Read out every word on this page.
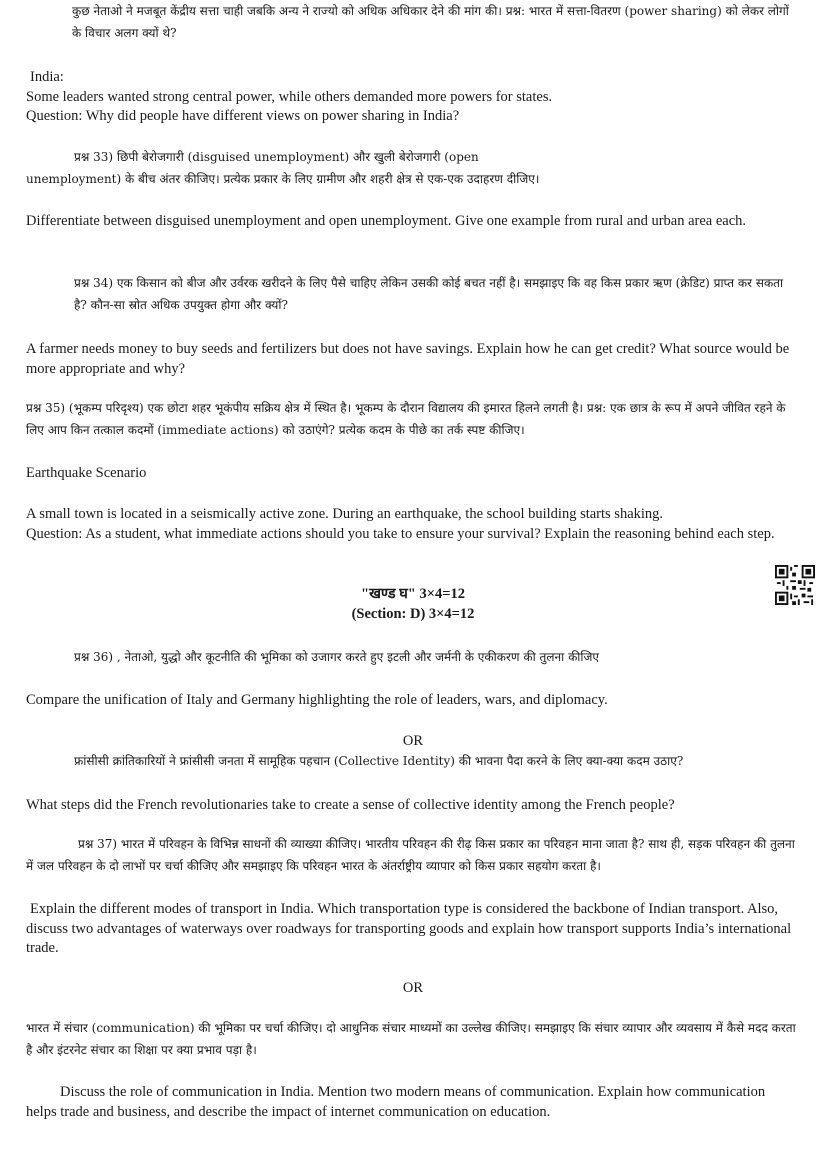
कुछ नेताओ ने मजबूत केंद्रीय सत्ता चाही जबकि अन्य ने राज्यो को अधिक अधिकार देने की मांग की। प्रश्न: भारत में सत्ता-वितरण (power sharing) को लेकर लोगों के विचार अलग क्यों थे?
India:
Some leaders wanted strong central power, while others demanded more powers for states.
Question: Why did people have different views on power sharing in India?
प्रश्न 33) छिपी बेरोजगारी (disguised unemployment) और खुली बेरोजगारी (open
unemployment) के बीच अंतर कीजिए। प्रत्येक प्रकार के लिए ग्रामीण और शहरी क्षेत्र से एक-एक उदाहरण दीजिए।
Differentiate between disguised unemployment and open unemployment. Give one example from rural and urban area each.
प्रश्न 34) एक किसान को बीज और उर्वरक खरीदने के लिए पैसे चाहिए लेकिन उसकी कोई बचत नहीं है। समझाइए कि वह किस प्रकार ऋण (क्रेडिट) प्राप्त कर सकता है? कौन-सा स्रोत अधिक उपयुक्त होगा और क्यों?
A farmer needs money to buy seeds and fertilizers but does not have savings. Explain how he can get credit? What source would be more appropriate and why?
प्रश्न 35) (भूकम्प परिदृश्य) एक छोटा शहर भूकंपीय सक्रिय क्षेत्र में स्थित है। भूकम्प के दौरान विद्यालय की इमारत हिलने लगती है। प्रश्न: एक छात्र के रूप में अपने जीवित रहने के लिए आप किन तत्काल कदमों (immediate actions) को उठाएंगे? प्रत्येक कदम के पीछे का तर्क स्पष्ट कीजिए।
Earthquake Scenario
A small town is located in a seismically active zone. During an earthquake, the school building starts shaking.
Question: As a student, what immediate actions should you take to ensure your survival? Explain the reasoning behind each step.
"खण्ड घ" 3×4=12
(Section: D) 3×4=12
प्रश्न 36) , नेताओ, युद्धो और कूटनीति की भूमिका को उजागर करते हुए इटली और जर्मनी के एकीकरण की तुलना कीजिए
Compare the unification of Italy and Germany highlighting the role of leaders, wars, and diplomacy.
OR
फ्रांसीसी क्रांतिकारियों ने फ्रांसीसी जनता में सामूहिक पहचान (Collective Identity) की भावना पैदा करने के लिए क्या-क्या कदम उठाए?
What steps did the French revolutionaries take to create a sense of collective identity among the French people?
प्रश्न 37) भारत में परिवहन के विभिन्न साधनों की व्याख्या कीजिए। भारतीय परिवहन की रीढ़ किस प्रकार का परिवहन माना जाता है? साथ ही, सड़क परिवहन की तुलना में जल परिवहन के दो लाभों पर चर्चा कीजिए और समझाइए कि परिवहन भारत के अंतर्राष्ट्रीय व्यापार को किस प्रकार सहयोग करता है।
Explain the different modes of transport in India. Which transportation type is considered the backbone of Indian transport. Also, discuss two advantages of waterways over roadways for transporting goods and explain how transport supports India’s international trade.
OR
भारत में संचार (communication) की भूमिका पर चर्चा कीजिए। दो आधुनिक संचार माध्यमों का उल्लेख कीजिए। समझाइए कि संचार व्यापार और व्यवसाय में कैसे मदद करता है और इंटरनेट संचार का शिक्षा पर क्या प्रभाव पड़ा है।
Discuss the role of communication in India. Mention two modern means of communication. Explain how communication helps trade and business, and describe the impact of internet communication on education.
